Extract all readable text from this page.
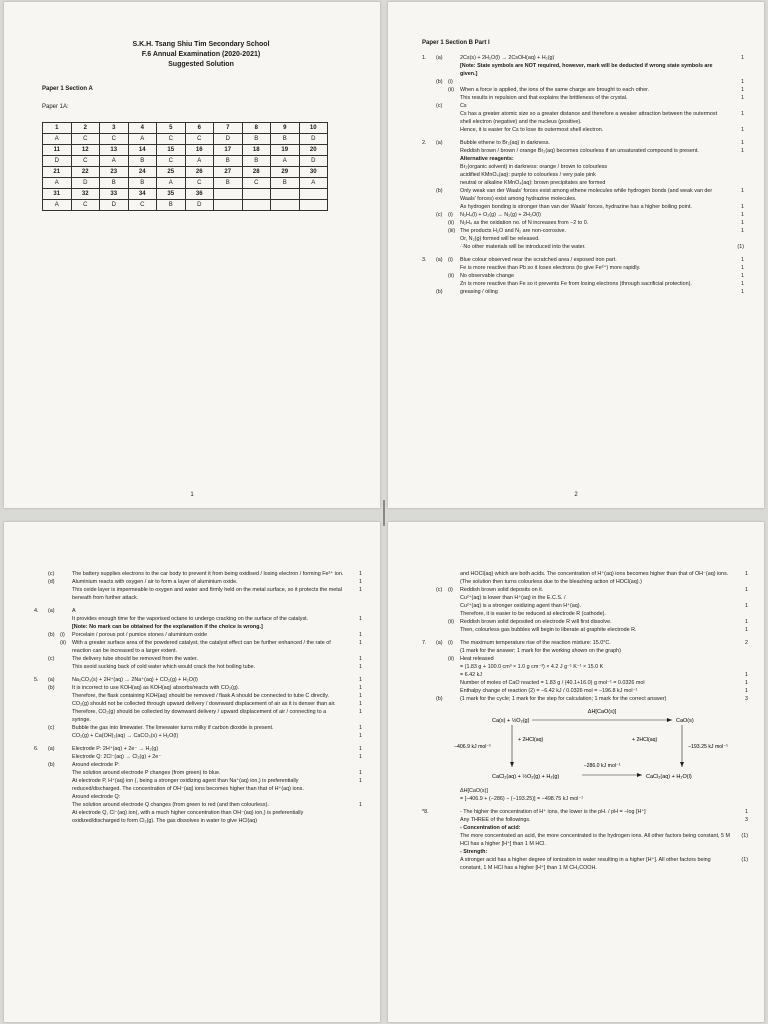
S.K.H. Tsang Shiu Tim Secondary School
F.6 Annual Examination (2020-2021)
Suggested Solution
Paper 1 Section A
Paper 1A:
1	2	3	4	5	6	7	8	9	10
A	C	C	A	C	C	D	B	B	D
11	12	13	14	15	16	17	18	19	20
D	C	A	B	C	A	B	B	A	D
21	22	23	24	25	26	27	28	29	30
A	D	B	B	A	C	B	C	B	A
31	32	33	34	35	36				
A	C	D	C	B	D				
1
Paper 1 Section B Part I
1.	(a)	2Cs(s) + 2H₂O(l) → 2CsOH(aq) + H₂(g)	1
[Note: State symbols are NOT required, however, mark will be deducted if wrong state symbols are given.]
(b)	(i)	1
(ii)	When a force is applied, the ions of the same charge are brought to each other.	1
This results in repulsion and that explains the brittleness of the crystal.	1
(c)	Cs
Cs has a greater atomic size so a greater distance and therefore a weaker attraction between the outermost shell electron (negative) and the nucleus (positive).
1
Hence, it is easier for Cs to lose its outermost shell electron.	1
2.	(a)	Bubble ethene to Br₂(aq) in darkness.	1
Reddish brown / brown / orange Br₂(aq) becomes colourless if an unsaturated compound is present.	1
Alternative reagents:
Br₂(organic solvent) in darkness: orange / brown to colourless
acidified KMnO₄(aq): purple to colourless / very pale pink
neutral or alkaline KMnO₄(aq): brown precipitates are formed
(b)	Only weak van der Waals' forces exist among ethene molecules while hydrogen bonds (and weak van der Waals' forces) exist among hydrazine molecules.
1
As hydrogen bonding is stronger than van der Waals' forces, hydrazine has a higher boiling point.	1
(c)	(i)	N₂H₄(l) + O₂(g) → N₂(g) + 2H₂O(l)	1
(ii)	N₂H₄ as the oxidation no. of N increases from −2 to 0.	1
(iii) The products H₂O and N₂ are non-corrosive.	1
Or, N₂(g) formed will be released.
∴No other materials will be introduced into the water.	(1)
3.	(a)	(i)	Blue colour observed near the scratched area / exposed iron part.	1
Fe is more reactive than Pb so it loses electrons (to give Fe²⁺) more rapidly.	1
(ii)	No observable change	1
Zn is more reactive than Fe so it prevents Fe from losing electrons (through sacrificial protection).	1
(b)	greasing / oiling	1
2
(c)	The battery supplies electrons to the car body to prevent it from being oxidised / losing electron / forming Fe²⁺ ion.	1
(d)	Aluminium reacts with oxygen / air to form a layer of aluminium oxide.	1
This oxide layer is impermeable to oxygen and water and firmly held on the metal surface, so it protects the metal beneath from further attack.
1
4.	(a)	A
It provides enough time for the vaporised octane to undergo cracking on the surface of the catalyst.	1
[Note: No mark can be obtained for the explanation if the choice is wrong.]
(b)	(i)	Porcelain / porous pot / pumice stones / aluminium oxide	1
(ii)	With a greater surface area of the powdered catalyst, the catalyst effect can be further enhanced / the rate of reaction can be increased to a larger extent.
1
(c)	The delivery tube should be removed from the water.	1
This avoid sucking back of cold water which would crack the hot boiling tube.	1
5.	(a)	Na₂CO₃(s) + 2H⁺(aq) → 2Na⁺(aq) + CO₂(g) + H₂O(l)	1
(b)	It is incorrect to use KOH(aq) as KOH(aq) absorbs/reacts with CO₂(g).	1
Therefore, the flask containing KOH(aq) should be removed / flask A should be connected to tube C directly.	1
CO₂(g) should not be collected through upward delivery / downward displacement of air as it is denser than air.	1
Therefore, CO₂(g) should be collected by downward delivery / upward displacement of air / connecting to a syringe.
1
(c)	Bubble the gas into limewater. The limewater turns milky if carbon dioxide is present.	1
CO₂(g) + Ca(OH)₂(aq) → CaCO₃(s) + H₂O(l)	1
6.	(a)	Electrode P: 2H⁺(aq) + 2e⁻ → H₂(g)	1
Electrode Q: 2Cl⁻(aq) → Cl₂(g) + 2e⁻	1
(b)	Around electrode P:
The solution around electrode P changes (from green) to blue.	1
At electrode P, H⁺(aq) ion (, being a stronger oxidizing agent than Na⁺(aq) ion,) is preferentially reduced/discharged. The concentration of OH⁻(aq) ions becomes higher than that of H⁺(aq) ions.
1
Around electrode Q:
The solution around electrode Q changes (from green to red (and then colourless).	1
At electrode Q, Cl⁻(aq) ion(, with a much higher concentration than OH⁻(aq) ion,) is preferentially oxidized/discharged to form Cl₂(g). The gas dissolves in water to give HCl(aq)
and HOCl(aq) which are both acids. The concentration of H⁺(aq) ions becomes higher than that of OH⁻(aq) ions.	1
(The solution then turns colourless due to the bleaching action of HOCl(aq).)
(c)	(i)	Reddish brown solid deposits on it.	1
Cu²⁺(aq) is lower than H⁺(aq) in the E.C.S. /
Cu²⁺(aq) is a stronger oxidizing agent than H⁺(aq).	1
Therefore, it is easier to be reduced at electrode R (cathode).
(ii)	Reddish brown solid deposited on electrode R will first dissolve.	1
Then, colourless gas bubbles will begin to liberate at graphite electrode R.	1
7.	(a)	(i)	The maximum temperature rise of the reaction mixture: 15.0°C.	2
(1 mark for the answer; 1 mark for the working shown on the graph)
(ii)	Heat released
= (1.83 g + 100.0 cm³ × 1.0 g cm⁻³) × 4.2 J g⁻¹ K⁻¹ × 15.0 K
= 6.42 kJ	1
Number of moles of CaO reacted = 1.83 g / (40.1+16.0) g mol⁻¹ = 0.0326 mol	1
Enthalpy change of reaction (2) = −6.42 kJ / 0.0326 mol = −196.8 kJ mol⁻¹	1
(b)	(1 mark for the cycle; 1 mark for the step for calculation; 1 mark for the correct answer)	3
ΔH[CaO(s)]
Ca(s) + ½O₂(g)	CaO(s)
−406.9 kJ mol⁻¹
+ 2HCl(aq)	+ 2HCl(aq)
−193.25 kJ mol⁻¹
−286.0 kJ mol⁻¹
CaCl₂(aq) + ½O₂(g) + H₂(g)	CaCl₂(aq) + H₂O(l)
ΔH[CaO(s)]
= [−406.9 + (−286) − (−193.25)] = −498.75 kJ mol⁻¹
*8.	- The higher the concentration of H⁺ ions, the lower is the pH. / pH = −log [H⁺]	1
Any THREE of the followings.	3
- Concentration of acid:
The more concentrated an acid, the more concentrated is the hydrogen ions. All other factors being constant, 5 M HCl has a higher [H⁺] than 1 M HCl.
(1)
- Strength:
A stronger acid has a higher degree of ionization in water resulting in a higher [H⁺]. All other factors being constant, 1 M HCl has a higher [H⁺] than 1 M CH₃COOH.
(1)
